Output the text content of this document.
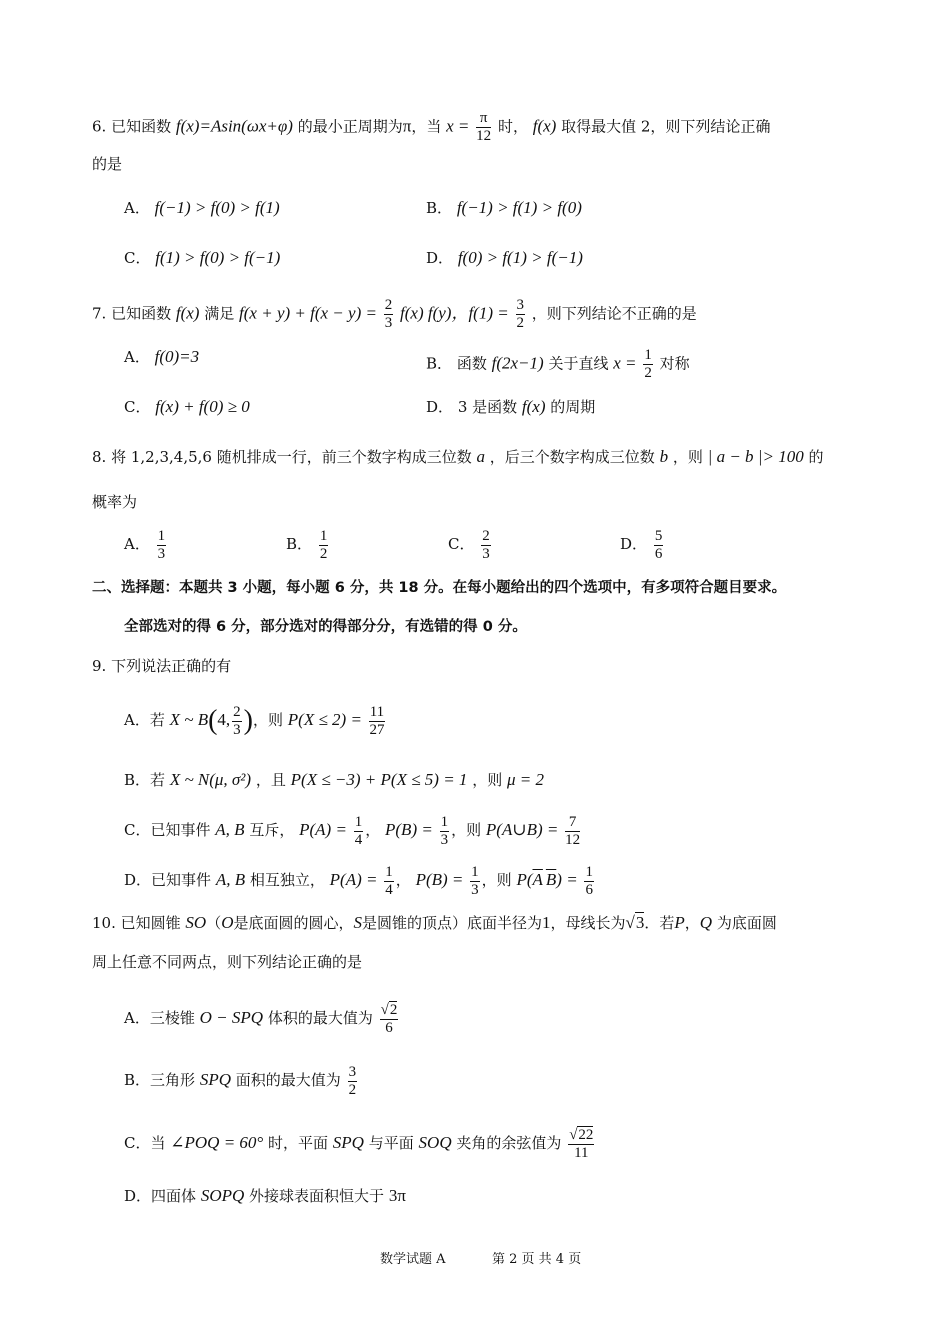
6. 已知函数 f(x)=Asin(ωx+φ) 的最小正周期为π，当 $x = \frac{\pi}{12}$ 时， f(x) 取得最大值 2，则下列结论正确
的是
A． f(−1) > f(0) > f(1)	B． f(−1) > f(1) > f(0)
C． f(1) > f(0) > f(−1)	D． f(0) > f(1) > f(−1)
7. 已知函数 f(x) 满足 $f(x + y) + f(x - y) = \frac{2}{3} f(x)$ f(y)，$f(1) = \frac{3}{2}$ ，则下列结论不正确的是
A． f(0)=3	B． 函数 f(2x−1) 关于直线 $x = \frac{1}{2}$ 对称
C． f(x) + f(0) ≥ 0	D． 3 是函数 f(x) 的周期
8. 将 1,2,3,4,5,6 随机排成一行，前三个数字构成三位数 a ，后三个数字构成三位数 b ，则 | a − b |> 100 的
概率为
A． $\frac{1}{3}$	B． $\frac{1}{2}$	C． $\frac{2}{3}$	D． $\frac{5}{6}$
二、选择题：本题共 3 小题，每小题 6 分，共 18 分。在每小题给出的四个选项中，有多项符合题目要求。
全部选对的得 6 分，部分选对的得部分分，有选错的得 0 分。
9. 下列说法正确的有
A．若 X ~ B(4, $\frac{2}{3}$ )，则 $P(X \le 2) = \frac{11}{27}$
B．若 X ~ N(μ, σ²) ，且 P(X ≤ −3) + P(X ≤ 5) = 1 ，则 μ = 2
C．已知事件 A, B 互斥， $P(A) = \frac{1}{4}$ ， $P(B) = \frac{1}{3}$ ，则 P(A∪B) = $\frac{7}{12}$
D．已知事件 A, B 相互独立， $P(A) = \frac{1}{4}$ ， $P(B) = \frac{1}{3}$ ，则 $P(\overline{A}$  $\overline{B}) = \frac{1}{6}$
10. 已知圆锥 SO（O是底面圆的圆心，S是圆锥的顶点）底面半径为1，母线长为√3．若P，Q 为底面圆
周上任意不同两点，则下列结论正确的是
A．三棱锥 O − SPQ 体积的最大值为 $\frac{√2}{6}$
B．三角形 SPQ 面积的最大值为 $\frac{3}{2}$
C．当 ∠POQ = 60° 时，平面 SPQ 与平面 SOQ 夹角的余弦值为 $\frac{√22}{11}$
D．四面体 SOPQ 外接球表面积恒大于 3π
数学试题 A	第 2 页 共 4 页
